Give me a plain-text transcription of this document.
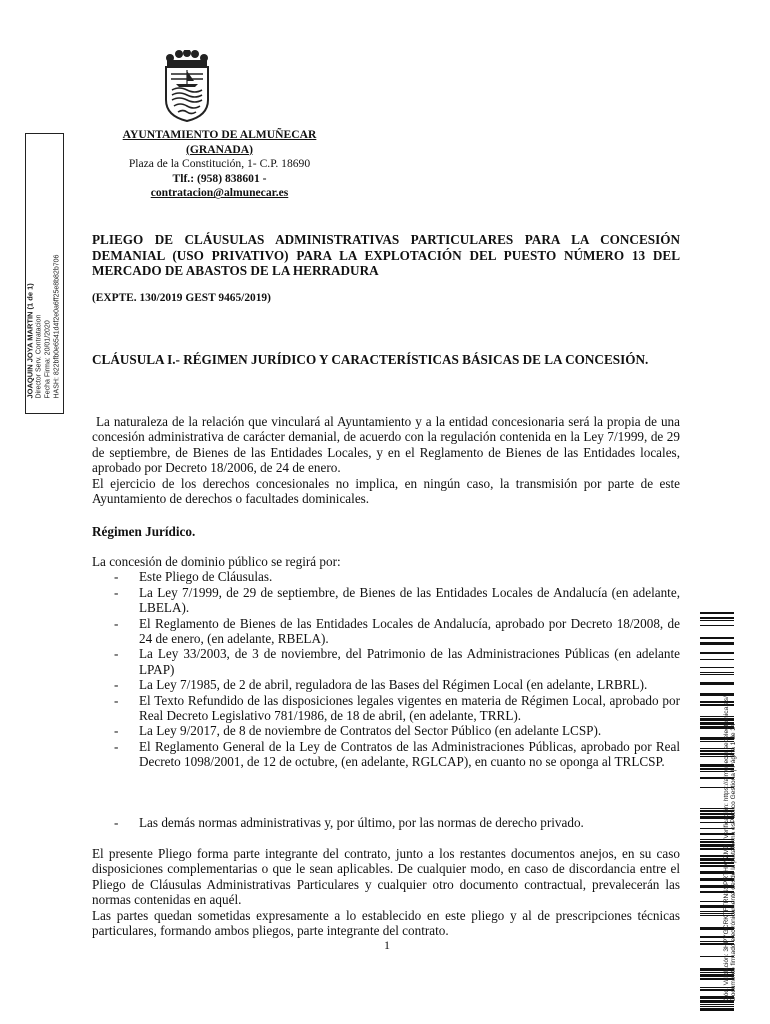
AYUNTAMIENTO DE ALMUÑECAR
(GRANADA)
Plaza de la Constitución, 1- C.P. 18690
Tlf.: (958) 838601 -
contratacion@almunecar.es
JOAQUIN JOYA MARTIN (1 de 1) Director Serv. Contratacion Fecha Firma: 20/01/2020 HASH: 822bfb0e6541d4f2e0a6ff25e8b82b706
PLIEGO DE CLÁUSULAS ADMINISTRATIVAS PARTICULARES PARA LA CONCESIÓN DEMANIAL (USO PRIVATIVO) PARA LA EXPLOTACIÓN DEL PUESTO NÚMERO 13 DEL MERCADO DE ABASTOS DE LA HERRADURA
(EXPTE. 130/2019 GEST 9465/2019)
CLÁUSULA I.- RÉGIMEN JURÍDICO Y CARACTERÍSTICAS BÁSICAS DE LA CONCESIÓN.

La naturaleza de la relación que vinculará al Ayuntamiento y a la entidad concesionaria será la propia de una concesión administrativa de carácter demanial, de acuerdo con la regulación contenida en la Ley 7/1999, de 29 de septiembre, de Bienes de las Entidades Locales, y en el Reglamento de Bienes de las Entidades locales, aprobado por Decreto 18/2006, de 24 de enero.

El ejercicio de los derechos concesionales no implica, en ningún caso, la transmisión por parte de este Ayuntamiento de derechos o facultades dominicales.

Régimen Jurídico.

La concesión de dominio público se regirá por:

- Este Pliego de Cláusulas.
- La Ley 7/1999, de 29 de septiembre, de Bienes de las Entidades Locales de Andalucía (en adelante, LBELA).
- El Reglamento de Bienes de las Entidades Locales de Andalucía, aprobado por Decreto 18/2008, de 24 de enero, (en adelante, RBELA).
- La Ley 33/2003, de 3 de noviembre, del Patrimonio de las Administraciones Públicas (en adelante LPAP)
- La Ley 7/1985, de 2 de abril, reguladora de las Bases del Régimen Local (en adelante, LRBRL).
- El Texto Refundido de las disposiciones legales vigentes en materia de Régimen Local, aprobado por Real Decreto Legislativo 781/1986, de 18 de abril, (en adelante, TRRL).
- La Ley 9/2017, de 8 de noviembre de Contratos del Sector Público (en adelante LCSP).
- El Reglamento General de la Ley de Contratos de las Administraciones Públicas, aprobado por Real Decreto 1098/2001, de 12 de octubre, (en adelante, RGLCAP), en cuanto no se oponga al TRLCSP.
- Las demás normas administrativas y, por último, por las normas de derecho privado.

El presente Pliego forma parte integrante del contrato, junto a los restantes documentos anejos, en su caso disposiciones complementarias o que le sean aplicables. De cualquier modo, en caso de discordancia entre el Pliego de Cláusulas Administrativas Particulares y cualquier otro documento contractual, prevalecerán las normas contenidas en aquél.

Las partes quedan sometidas expresamente a lo establecido en este pliego y al de prescripciones técnicas particulares, formando ambos pliegos, parte integrante del contrato.

1	Cód. Validación: 3HPYGCRKTFTRNSSPRTHXYZMD | Verificación: https://almunecar.sedelectronica.es/ Documento firmado electrónicamente desde la plataforma esPublico Gestiona | Página 1 de 34
